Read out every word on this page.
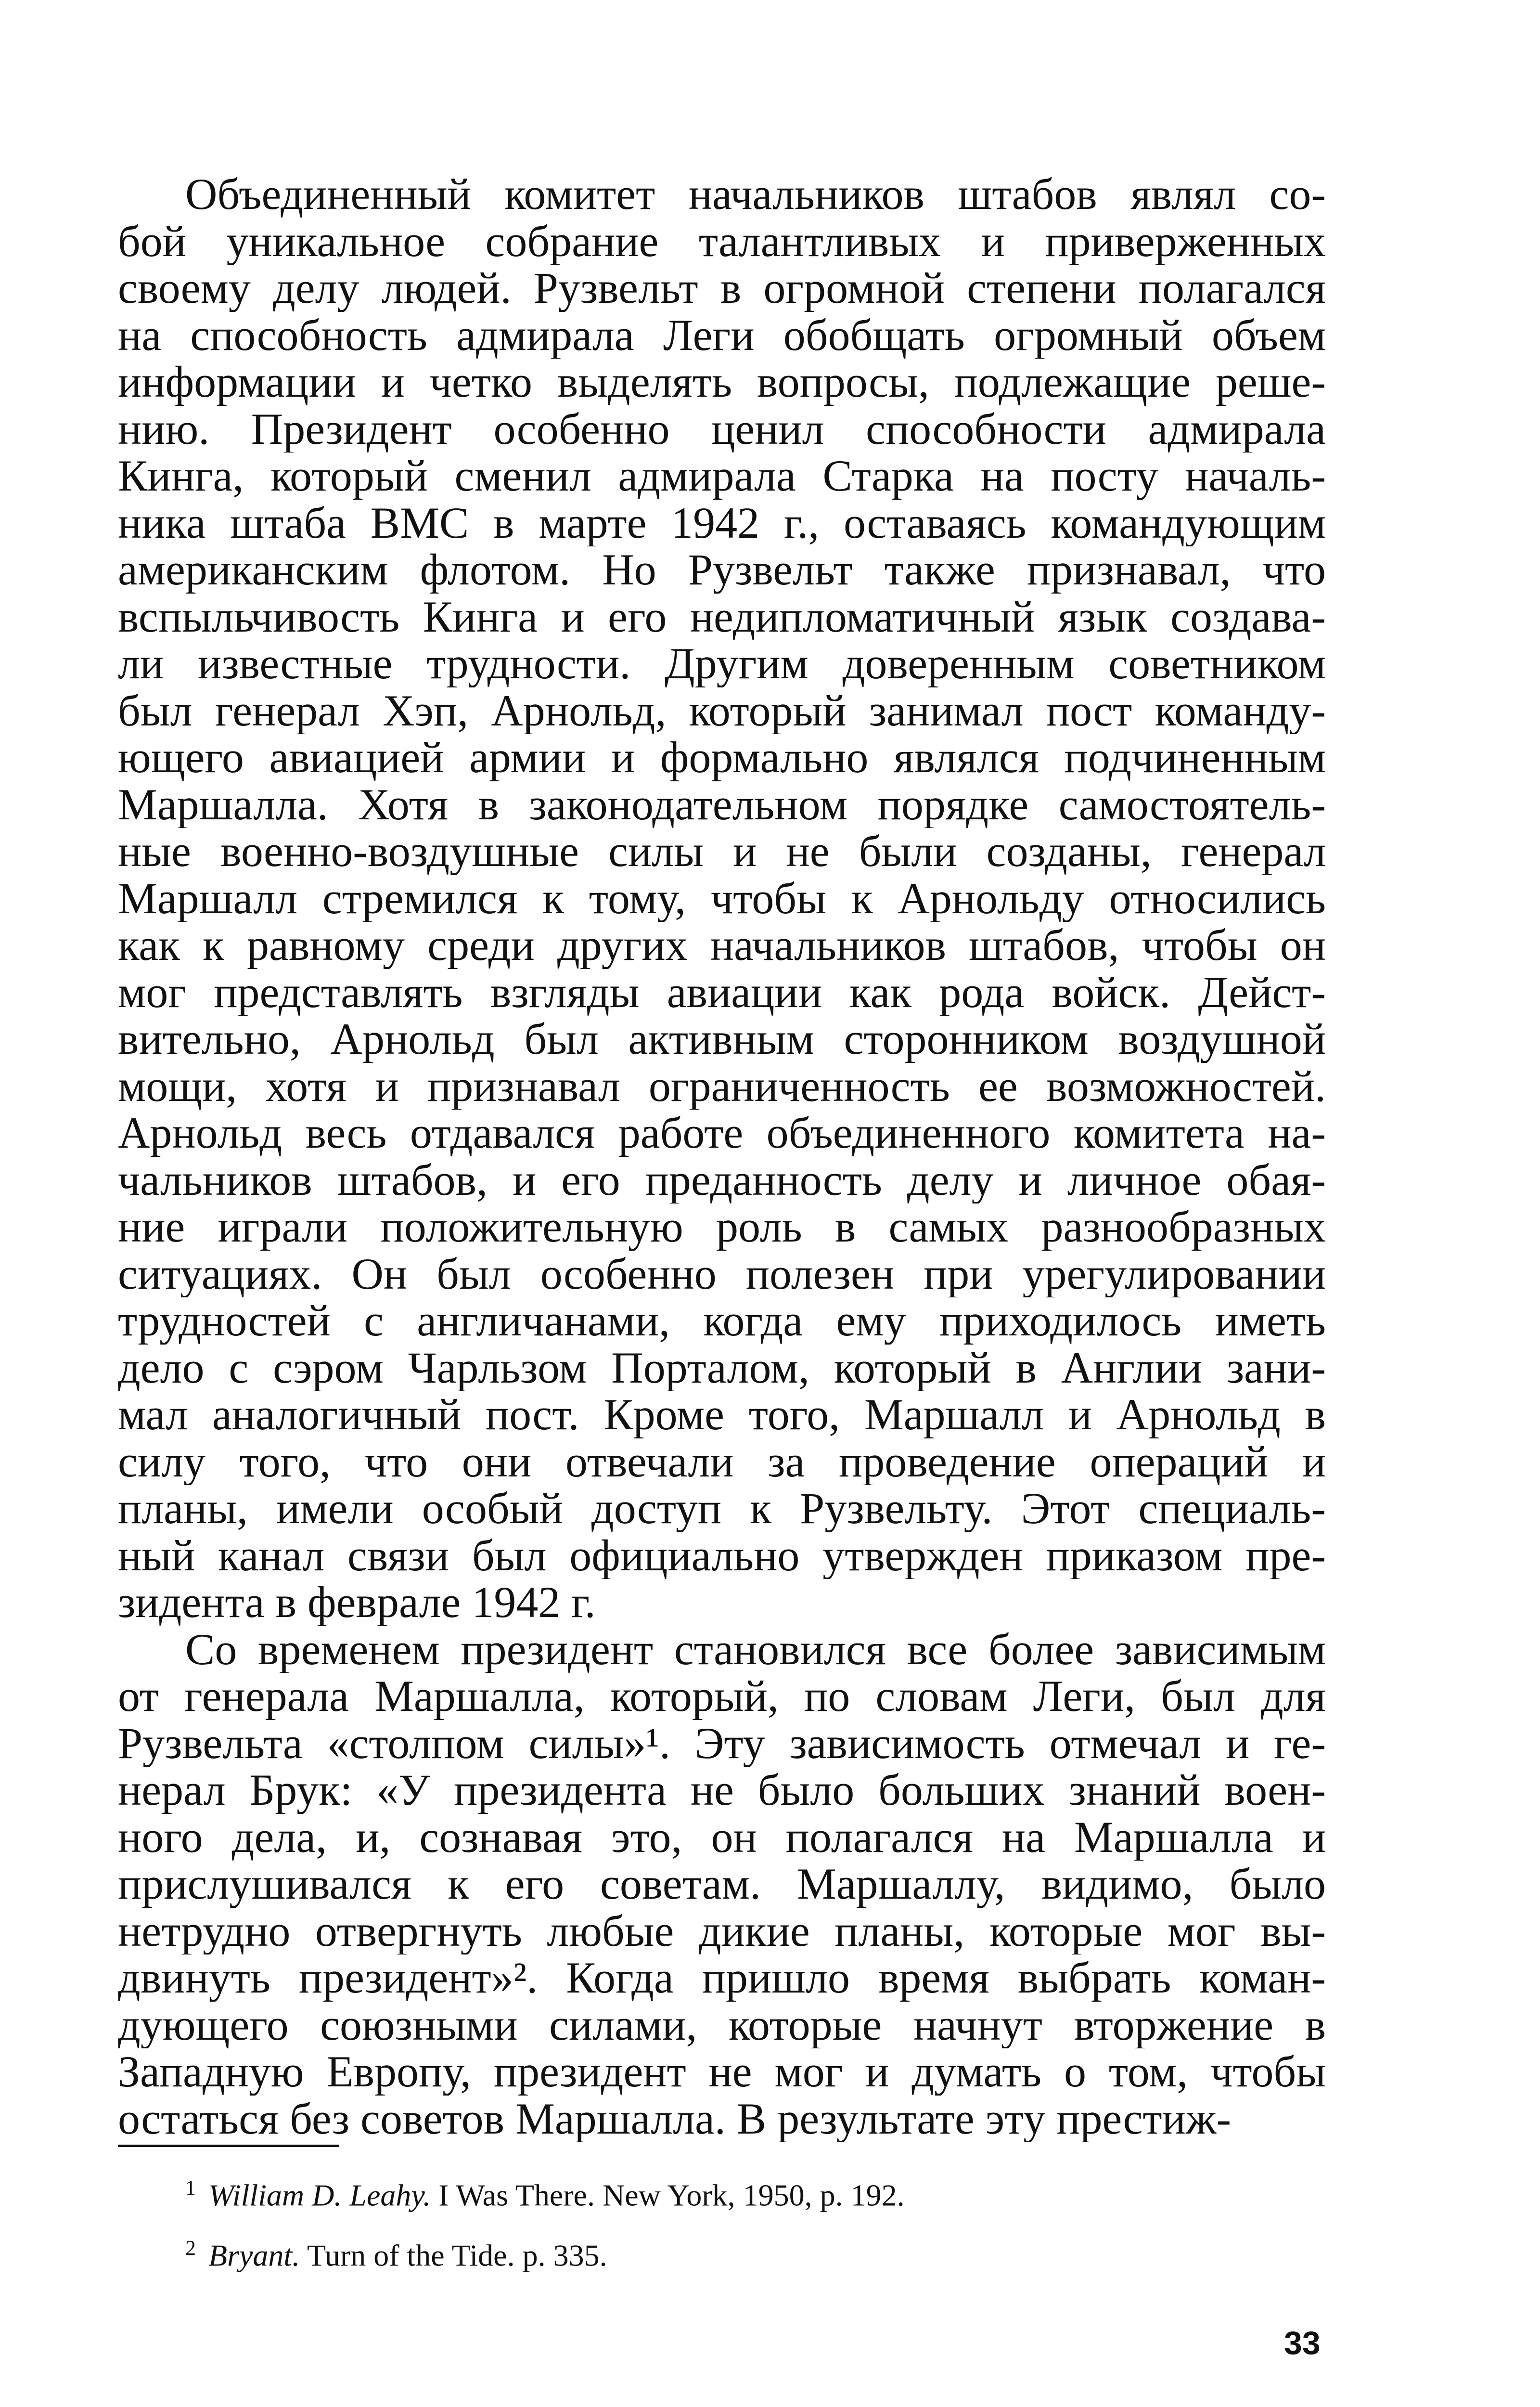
Объединенный комитет начальников штабов являл со-
бой уникальное собрание талантливых и приверженных
своему делу людей. Рузвельт в огромной степени полагался
на способность адмирала Леги обобщать огромный объем
информации и четко выделять вопросы, подлежащие реше-
нию. Президент особенно ценил способности адмирала
Кинга, который сменил адмирала Старка на посту началь-
ника штаба ВМС в марте 1942 г., оставаясь командующим
американским флотом. Но Рузвельт также признавал, что
вспыльчивость Кинга и его недипломатичный язык создава-
ли известные трудности. Другим доверенным советником
был генерал Хэп, Арнольд, который занимал пост команду-
ющего авиацией армии и формально являлся подчиненным
Маршалла. Хотя в законодательном порядке самостоятель-
ные военно-воздушные силы и не были созданы, генерал
Маршалл стремился к тому, чтобы к Арнольду относились
как к равному среди других начальников штабов, чтобы он
мог представлять взгляды авиации как рода войск. Дейст-
вительно, Арнольд был активным сторонником воздушной
мощи, хотя и признавал ограниченность ее возможностей.
Арнольд весь отдавался работе объединенного комитета на-
чальников штабов, и его преданность делу и личное обая-
ние играли положительную роль в самых разнообразных
ситуациях. Он был особенно полезен при урегулировании
трудностей с англичанами, когда ему приходилось иметь
дело с сэром Чарльзом Порталом, который в Англии зани-
мал аналогичный пост. Кроме того, Маршалл и Арнольд в
силу того, что они отвечали за проведение операций и
планы, имели особый доступ к Рузвельту. Этот специаль-
ный канал связи был официально утвержден приказом пре-
зидента в феврале 1942 г.
Со временем президент становился все более зависимым
от генерала Маршалла, который, по словам Леги, был для
Рузвельта «столпом силы»¹. Эту зависимость отмечал и ге-
нерал Брук: «У президента не было больших знаний воен-
ного дела, и, сознавая это, он полагался на Маршалла и
прислушивался к его советам. Маршаллу, видимо, было
нетрудно отвергнуть любые дикие планы, которые мог вы-
двинуть президент»². Когда пришло время выбрать коман-
дующего союзными силами, которые начнут вторжение в
Западную Европу, президент не мог и думать о том, чтобы
остаться без советов Маршалла. В результате эту престиж-
$^1$ William D. Leahy. I Was There. New York, 1950, p. 192.
$^2$ Bryant. Turn of the Tide. p. 335.
33
